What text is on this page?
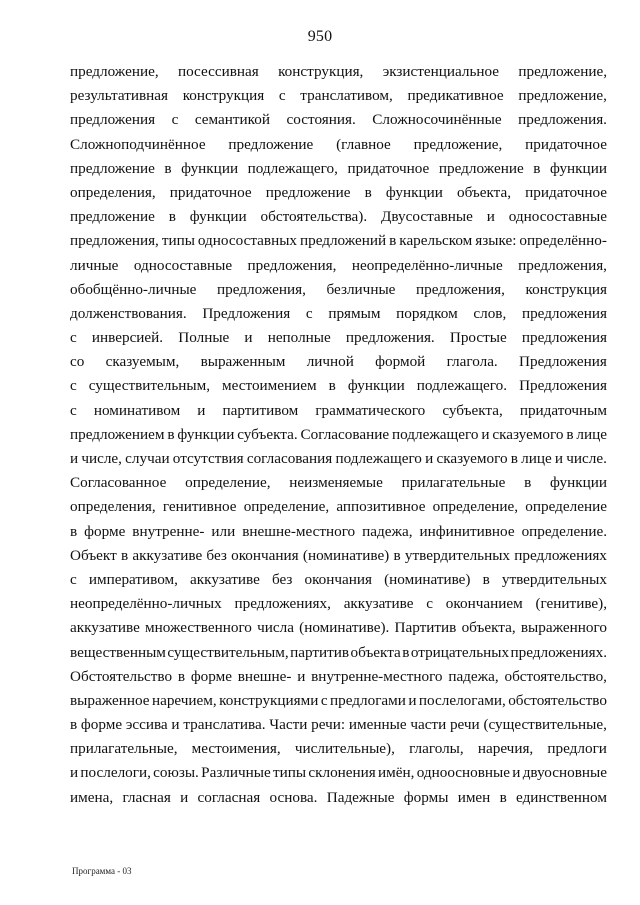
950
предложение, посессивная конструкция, экзистенциальное предложение,
результативная конструкция с транслативом, предикативное предложение,
предложения с семантикой состояния. Сложносочинённые предложения.
Сложноподчинённое предложение (главное предложение, придаточное
предложение в функции подлежащего, придаточное предложение в функции
определения, придаточное предложение в функции объекта, придаточное
предложение в функции обстоятельства). Двусоставные и односоставные
предложения, типы односоставных предложений в карельском языке: определённо-
личные односоставные предложения, неопределённо-личные предложения,
обобщённо-личные предложения, безличные предложения, конструкция
долженствования. Предложения с прямым порядком слов, предложения
с инверсией. Полные и неполные предложения. Простые предложения
со сказуемым, выраженным личной формой глагола. Предложения
с существительным, местоимением в функции подлежащего. Предложения
с номинативом и партитивом грамматического субъекта, придаточным
предложением в функции субъекта. Согласование подлежащего и сказуемого в лице
и числе, случаи отсутствия согласования подлежащего и сказуемого в лице и числе.
Согласованное определение, неизменяемые прилагательные в функции
определения, генитивное определение, аппозитивное определение, определение
в форме внутренне- или внешне-местного падежа, инфинитивное определение.
Объект в аккузативе без окончания (номинативе) в утвердительных предложениях
с императивом, аккузативе без окончания (номинативе) в утвердительных
неопределённо-личных предложениях, аккузативе с окончанием (генитиве),
аккузативе множественного числа (номинативе). Партитив объекта, выраженного
вещественным существительным, партитив объекта в отрицательных предложениях.
Обстоятельство в форме внешне- и внутренне-местного падежа, обстоятельство,
выраженное наречием, конструкциями с предлогами и послелогами, обстоятельство
в форме эссива и транслатива. Части речи: именные части речи (существительные,
прилагательные, местоимения, числительные), глаголы, наречия, предлоги
и послелоги, союзы. Различные типы склонения имён, одноосновные и двуосновные
имена, гласная и согласная основа. Падежные формы имен в единственном
Программа - 03
